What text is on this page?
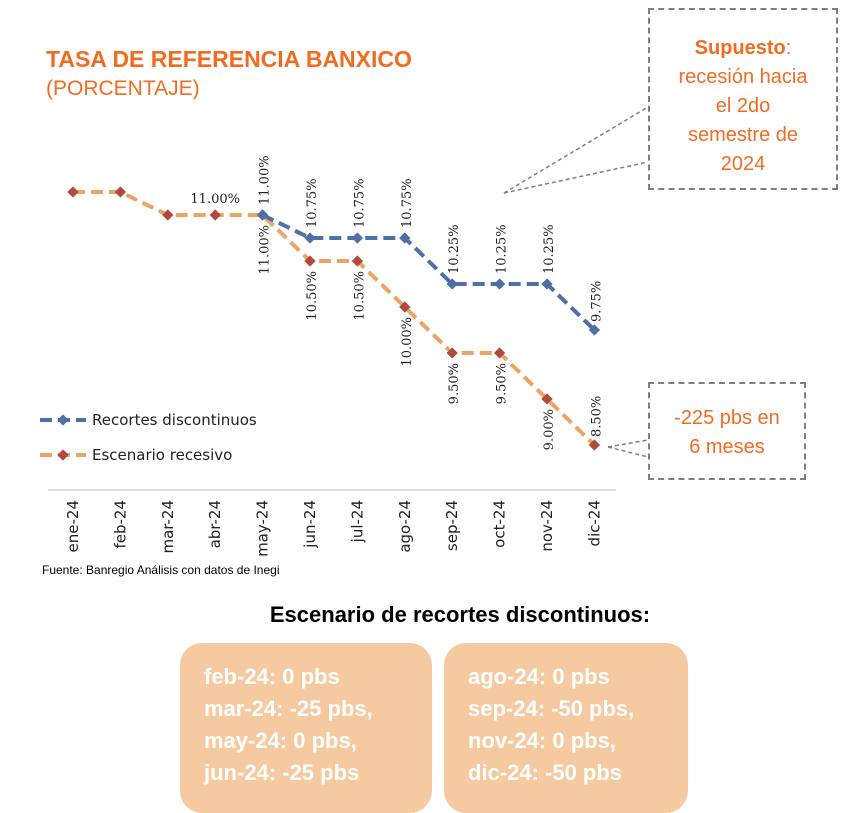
TASA DE REFERENCIA BANXICO
(PORCENTAJE)
ene-24 feb-24 mar-24 abr-24 may-24 jun-24 jul-24 ago-24 sep-24 oct-24 nov-24 dic-24
11.00% 11.00% 10.75% 10.75% 10.75%
10.25% 10.25% 10.25%
9.75%
11.00%
10.50% 10.50%
10.00%
9.50% 9.50%
9.00% 8.50%
Recortes discontinuos
Escenario recesivo
Fuente: Banregio Análisis con datos de Inegi
Supuesto:
recesión hacia
el 2do
semestre de
2024
-225 pbs en
6 meses
Escenario de recortes discontinuos:
feb-24: 0 pbs
mar-24: -25 pbs,
may-24: 0 pbs,
jun-24: -25 pbs
ago-24: 0 pbs
sep-24: -50 pbs,
nov-24: 0 pbs,
dic-24: -50 pbs
